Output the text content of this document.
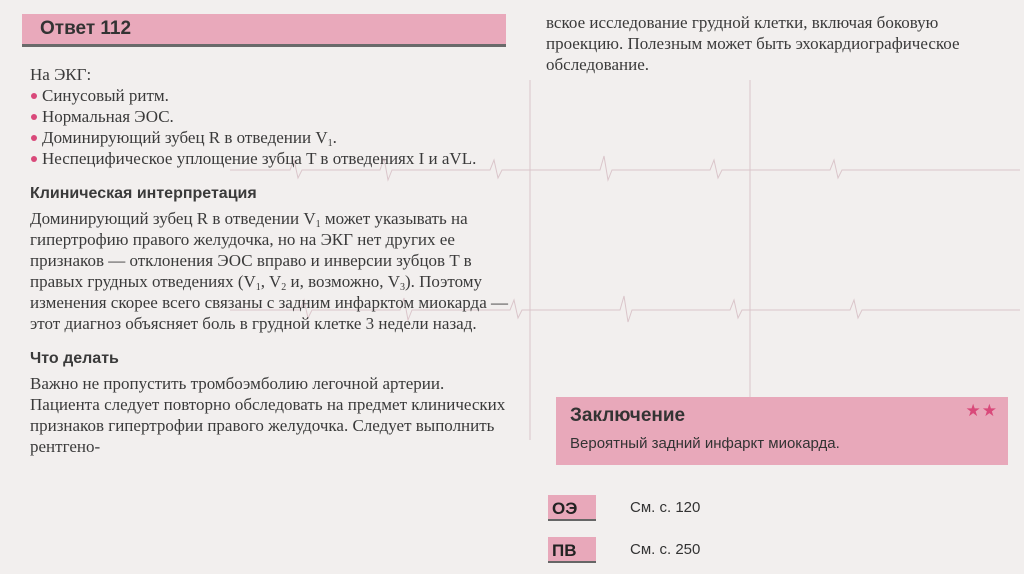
Ответ 112

На ЭКГ:

Синусовый ритм.
Нормальная ЭОС.
Доминирующий зубец R в отведении $V_1$.
Неспецифическое уплощение зубца T в отведениях I и aVL.
Клиническая интерпретация

Доминирующий зубец R в отведении $V_1$ может указывать на гипертрофию правого желудочка, но на ЭКГ нет других ее признаков — отклонения ЭОС вправо и инверсии зубцов T в правых грудных отведениях ($V_1$, $V_2$ и, возможно, $V_3$). Поэтому изменения скорее всего связаны с задним инфарктом миокарда — этот диагноз объясняет боль в грудной клетке 3 недели назад.

Что делать

Важно не пропустить тромбоэмболию легочной артерии. Пациента следует повторно обследовать на предмет клинических признаков гипертрофии правого желудочка. Следует выполнить рентгено-

вское исследование грудной клетки, включая боковую проекцию. Полезным может быть эхокардиографическое обследование.
Заключение	★★
Вероятный задний инфаркт миокарда.
ОЭ	См. с. 120
ПВ	См. с. 250
